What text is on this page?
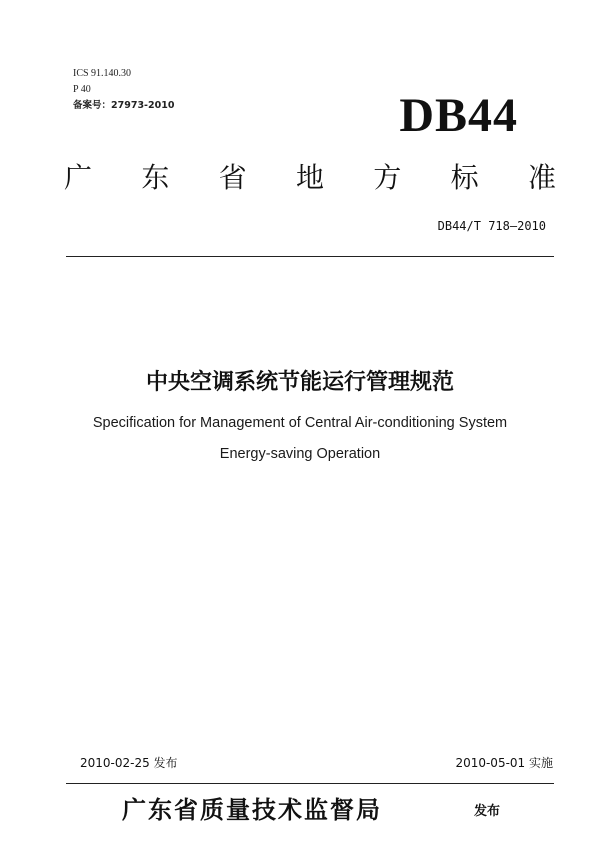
ICS 91.140.30
P 40
备案号：27973-2010	DB44
广 东 省 地 方 标 准
DB44/T 718—2010
中央空调系统节能运行管理规范
Specification for Management of Central Air-conditioning System
Energy-saving Operation
2010-02-25 发布	2010-05-01 实施
广东省质量技术监督局	发布
